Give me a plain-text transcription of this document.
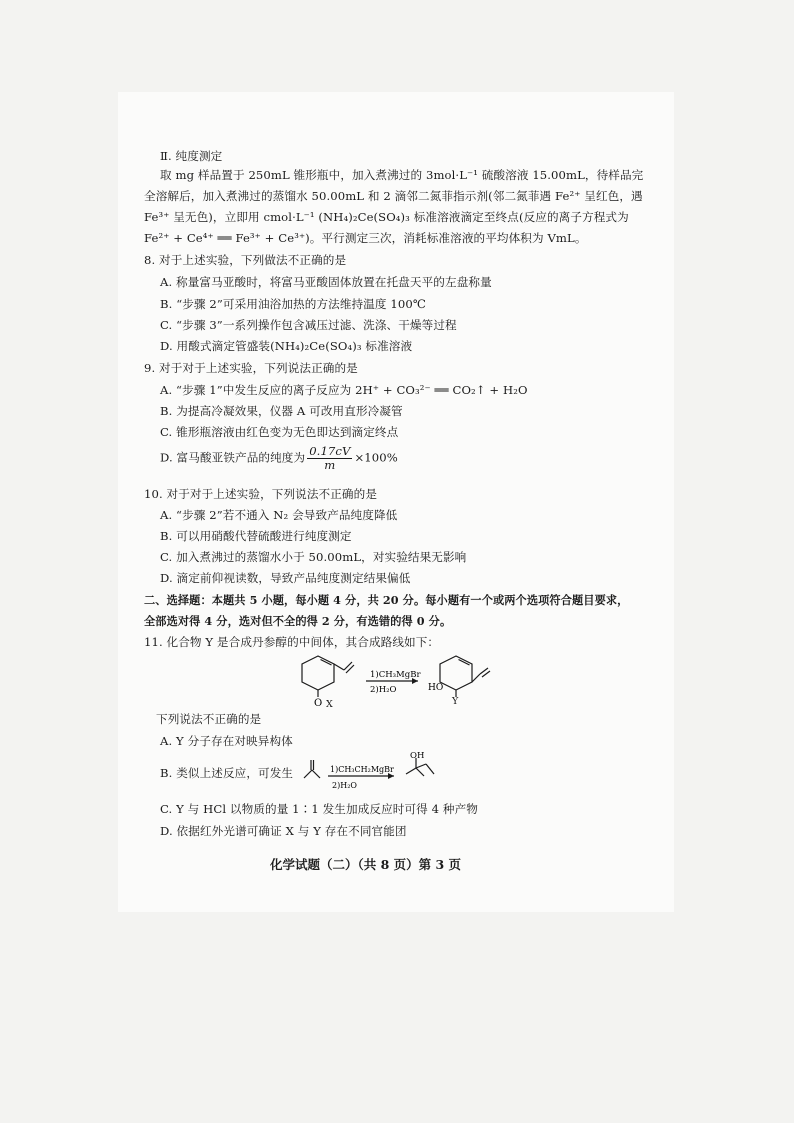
Ⅱ. 纯度测定
取 mg 样品置于 250mL 锥形瓶中，加入煮沸过的 3mol·L⁻¹ 硫酸溶液 15.00mL，待样品完
全溶解后，加入煮沸过的蒸馏水 50.00mL 和 2 滴邻二氮菲指示剂(邻二氮菲遇 Fe²⁺ 呈红色，遇
Fe³⁺ 呈无色)，立即用 cmol·L⁻¹ (NH₄)₂Ce(SO₄)₃ 标准溶液滴定至终点(反应的离子方程式为
Fe²⁺ + Ce⁴⁺ ══ Fe³⁺ + Ce³⁺)。平行测定三次，消耗标准溶液的平均体积为 VmL。
8. 对于上述实验，下列做法不正确的是
A. 称量富马亚酸时，将富马亚酸固体放置在托盘天平的左盘称量
B. “步骤 2”可采用油浴加热的方法维持温度 100℃
C. “步骤 3”一系列操作包含减压过滤、洗涤、干燥等过程
D. 用酸式滴定管盛装(NH₄)₂Ce(SO₄)₃ 标准溶液
9. 对于对于上述实验，下列说法正确的是
A. “步骤 1”中发生反应的离子反应为 2H⁺ + CO₃²⁻ ══ CO₂↑ + H₂O
B. 为提高冷凝效果，仪器 A 可改用直形冷凝管
C. 锥形瓶溶液由红色变为无色即达到滴定终点
D. 富马酸亚铁产品的纯度为 $\frac{0.17cV}{m} \times 100\%$
10. 对于对于上述实验，下列说法不正确的是
A. “步骤 2”若不通入 N₂ 会导致产品纯度降低
B. 可以用硝酸代替硫酸进行纯度测定
C. 加入煮沸过的蒸馏水小于 50.00mL，对实验结果无影响
D. 滴定前仰视读数，导致产品纯度测定结果偏低
二、选择题：本题共 5 小题，每小题 4 分，共 20 分。每小题有一个或两个选项符合题目要求，
全部选对得 4 分，选对但不全的得 2 分，有选错的得 0 分。
11. 化合物 Y 是合成丹参醇的中间体，其合成路线如下：
O
1)CH₃MgBr
2)H₂O	HO
X	Y
下列说法不正确的是
A. Y 分子存在对映异构体
B. 类似上述反应，可发生	1)CH₃CH₂MgBr
2)H₂O
OH
C. Y 与 HCl 以物质的量 1∶1 发生加成反应时可得 4 种产物
D. 依据红外光谱可确证 X 与 Y 存在不同官能团
化学试题（二）（共 8 页）第 3 页
